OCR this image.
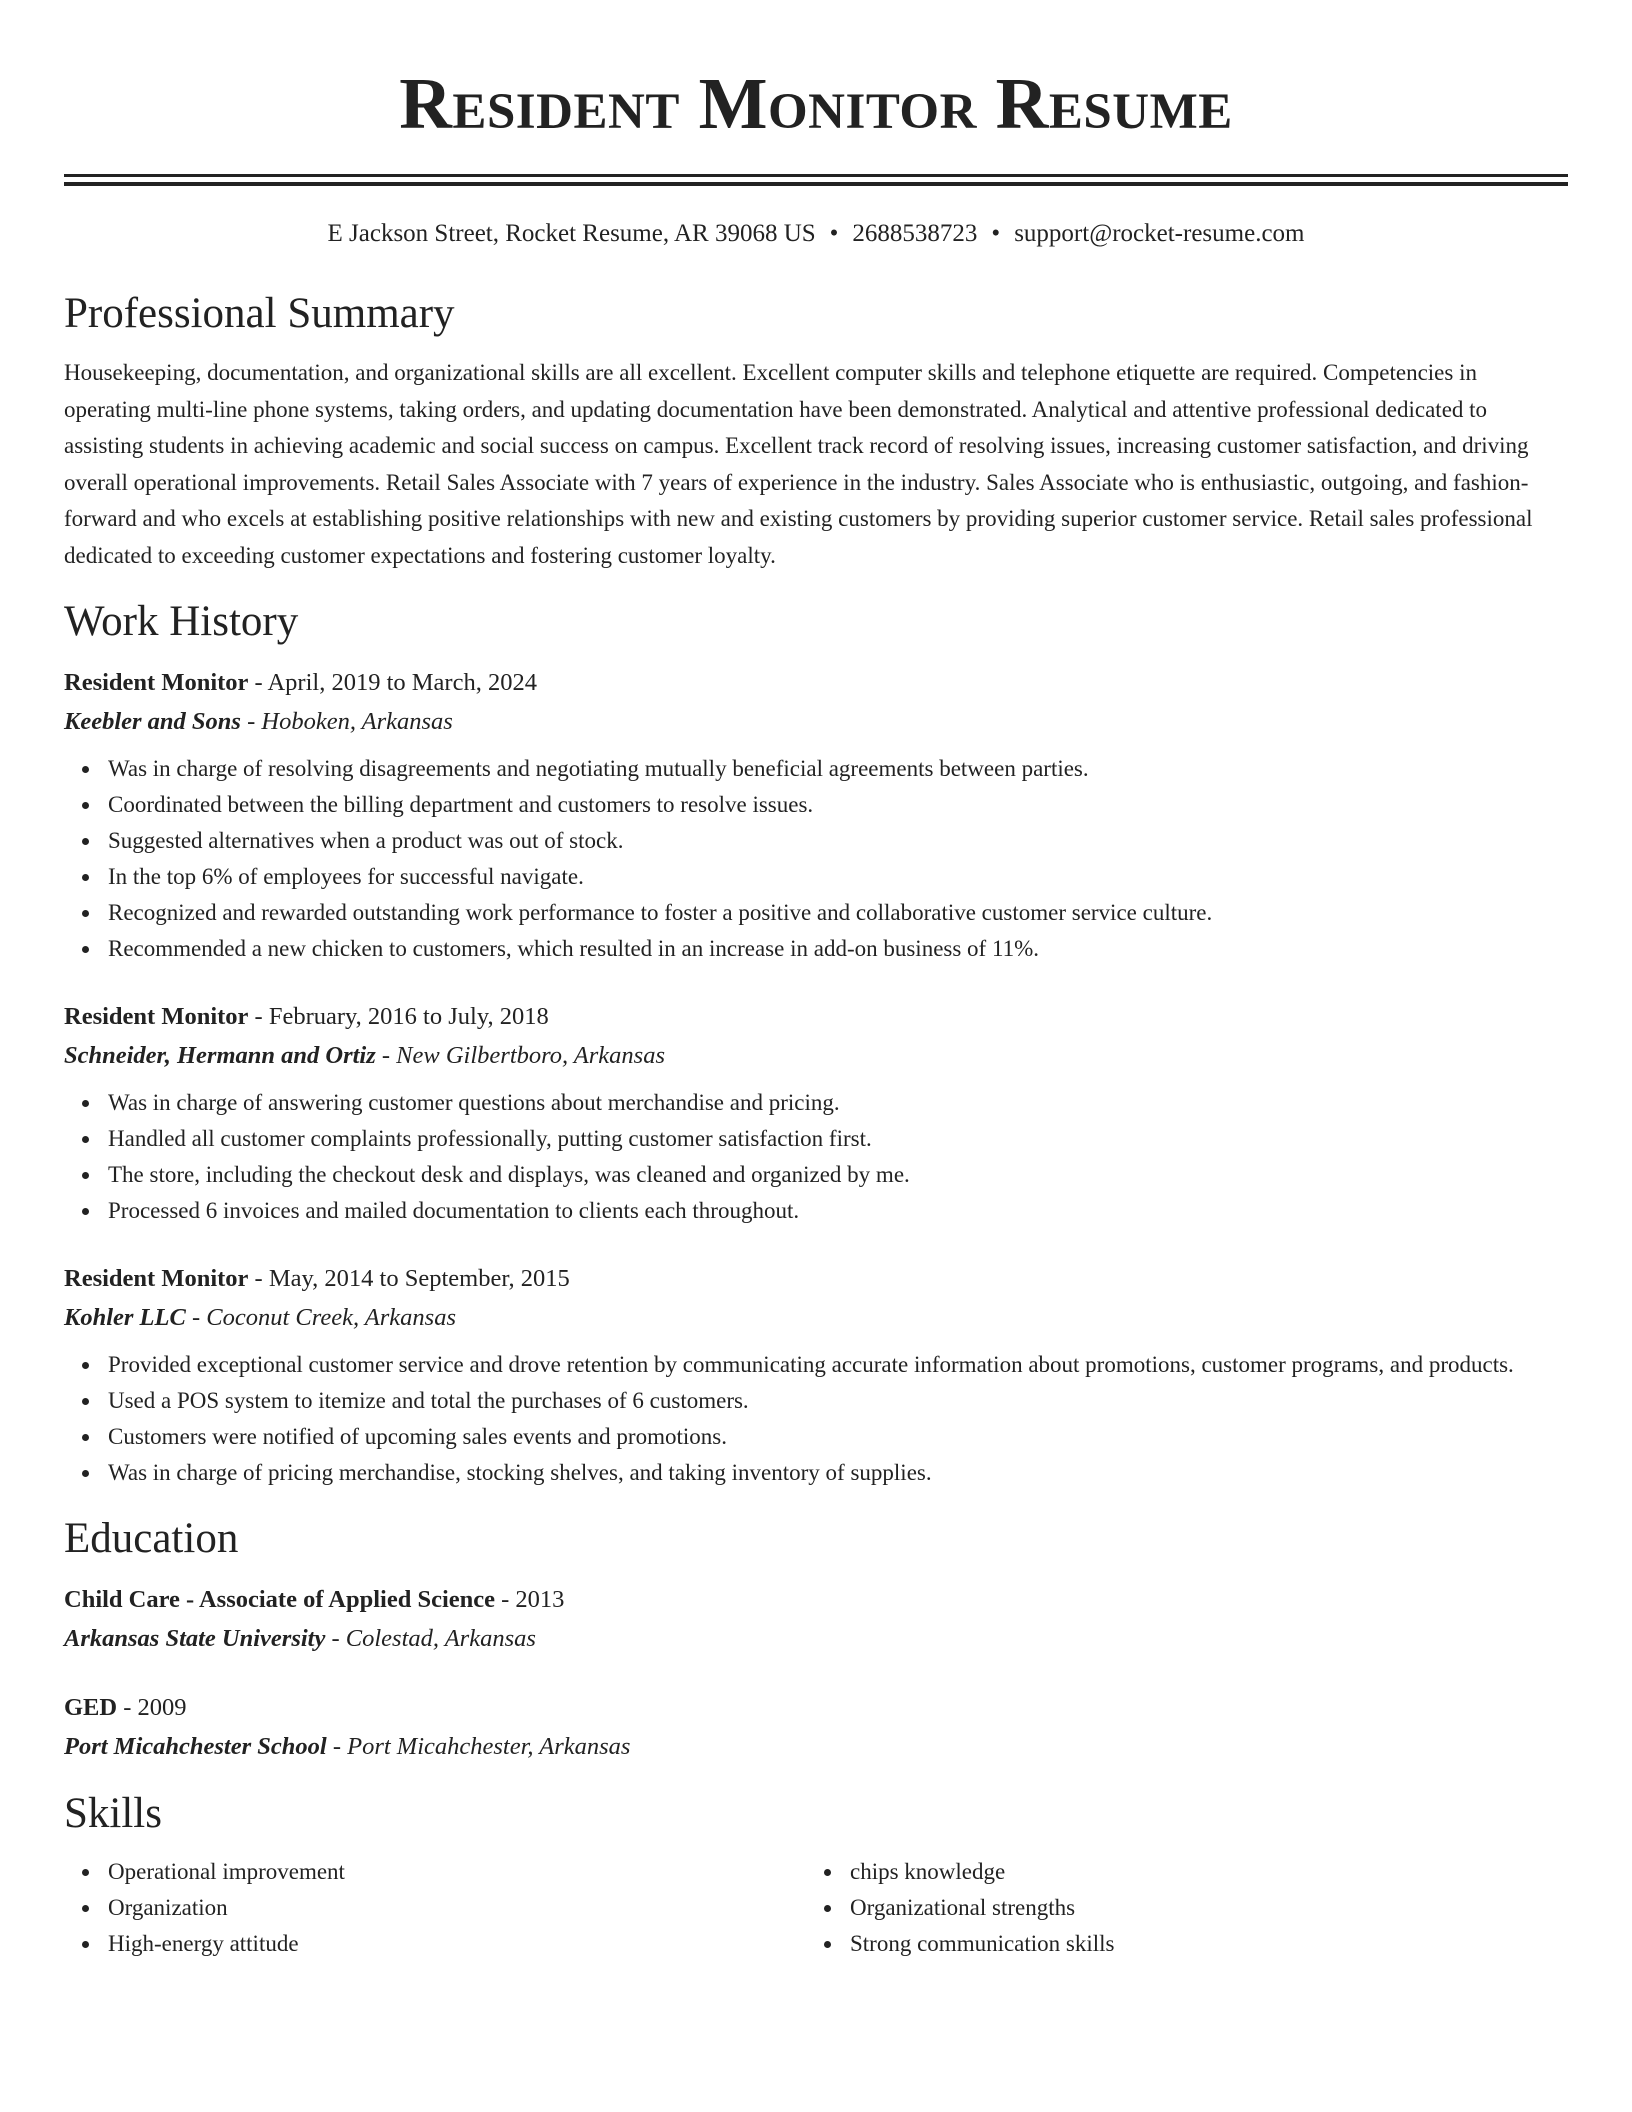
Resident Monitor Resume
E Jackson Street, Rocket Resume, AR 39068 US • 2688538723 • support@rocket-resume.com
Professional Summary

Housekeeping, documentation, and organizational skills are all excellent. Excellent computer skills and telephone etiquette are required. Competencies in operating multi-line phone systems, taking orders, and updating documentation have been demonstrated. Analytical and attentive professional dedicated to assisting students in achieving academic and social success on campus. Excellent track record of resolving issues, increasing customer satisfaction, and driving overall operational improvements. Retail Sales Associate with 7 years of experience in the industry. Sales Associate who is enthusiastic, outgoing, and fashion-forward and who excels at establishing positive relationships with new and existing customers by providing superior customer service. Retail sales professional dedicated to exceeding customer expectations and fostering customer loyalty.

Work History
Resident Monitor - April, 2019 to March, 2024
Keebler and Sons - Hoboken, Arkansas
Was in charge of resolving disagreements and negotiating mutually beneficial agreements between parties.
Coordinated between the billing department and customers to resolve issues.
Suggested alternatives when a product was out of stock.
In the top 6% of employees for successful navigate.
Recognized and rewarded outstanding work performance to foster a positive and collaborative customer service culture.
Recommended a new chicken to customers, which resulted in an increase in add-on business of 11%.
Resident Monitor - February, 2016 to July, 2018
Schneider, Hermann and Ortiz - New Gilbertboro, Arkansas
Was in charge of answering customer questions about merchandise and pricing.
Handled all customer complaints professionally, putting customer satisfaction first.
The store, including the checkout desk and displays, was cleaned and organized by me.
Processed 6 invoices and mailed documentation to clients each throughout.
Resident Monitor - May, 2014 to September, 2015
Kohler LLC - Coconut Creek, Arkansas
Provided exceptional customer service and drove retention by communicating accurate information about promotions, customer programs, and products.
Used a POS system to itemize and total the purchases of 6 customers.
Customers were notified of upcoming sales events and promotions.
Was in charge of pricing merchandise, stocking shelves, and taking inventory of supplies.
Education
Child Care - Associate of Applied Science - 2013
Arkansas State University - Colestad, Arkansas
GED - 2009
Port Micahchester School - Port Micahchester, Arkansas
Skills
Operational improvement
Organization
High-energy attitude
chips knowledge
Organizational strengths
Strong communication skills
